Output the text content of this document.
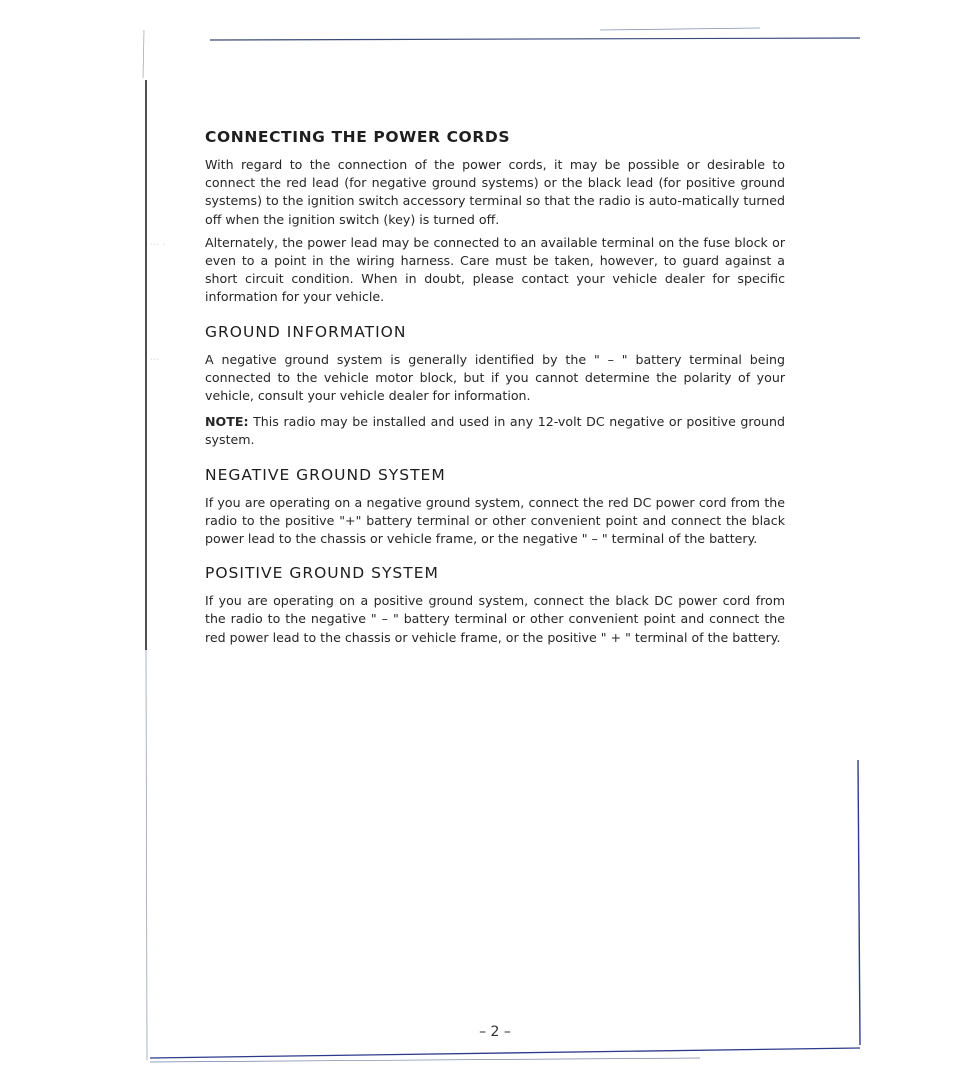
··· ·
···
CONNECTING THE POWER CORDS

With regard to the connection of the power cords, it may be possible or desirable to connect the red lead (for negative ground systems) or the black lead (for positive ground systems) to the ignition switch accessory terminal so that the radio is auto-matically turned off when the ignition switch (key) is turned off.

Alternately, the power lead may be connected to an available terminal on the fuse block or even to a point in the wiring harness. Care must be taken, however, to guard against a short circuit condition. When in doubt, please contact your vehicle dealer for specific information for your vehicle.

GROUND INFORMATION

A negative ground system is generally identified by the " – " battery terminal being connected to the vehicle motor block, but if you cannot determine the polarity of your vehicle, consult your vehicle dealer for information.

NOTE: This radio may be installed and used in any 12-volt DC negative or positive ground system.

NEGATIVE GROUND SYSTEM

If you are operating on a negative ground system, connect the red DC power cord from the radio to the positive "+" battery terminal or other convenient point and connect the black power lead to the chassis or vehicle frame, or the negative " – " terminal of the battery.

POSITIVE GROUND SYSTEM

If you are operating on a positive ground system, connect the black DC power cord from the radio to the negative " – " battery terminal or other convenient point and connect the red power lead to the chassis or vehicle frame, or the positive " + " terminal of the battery.

– 2 –
